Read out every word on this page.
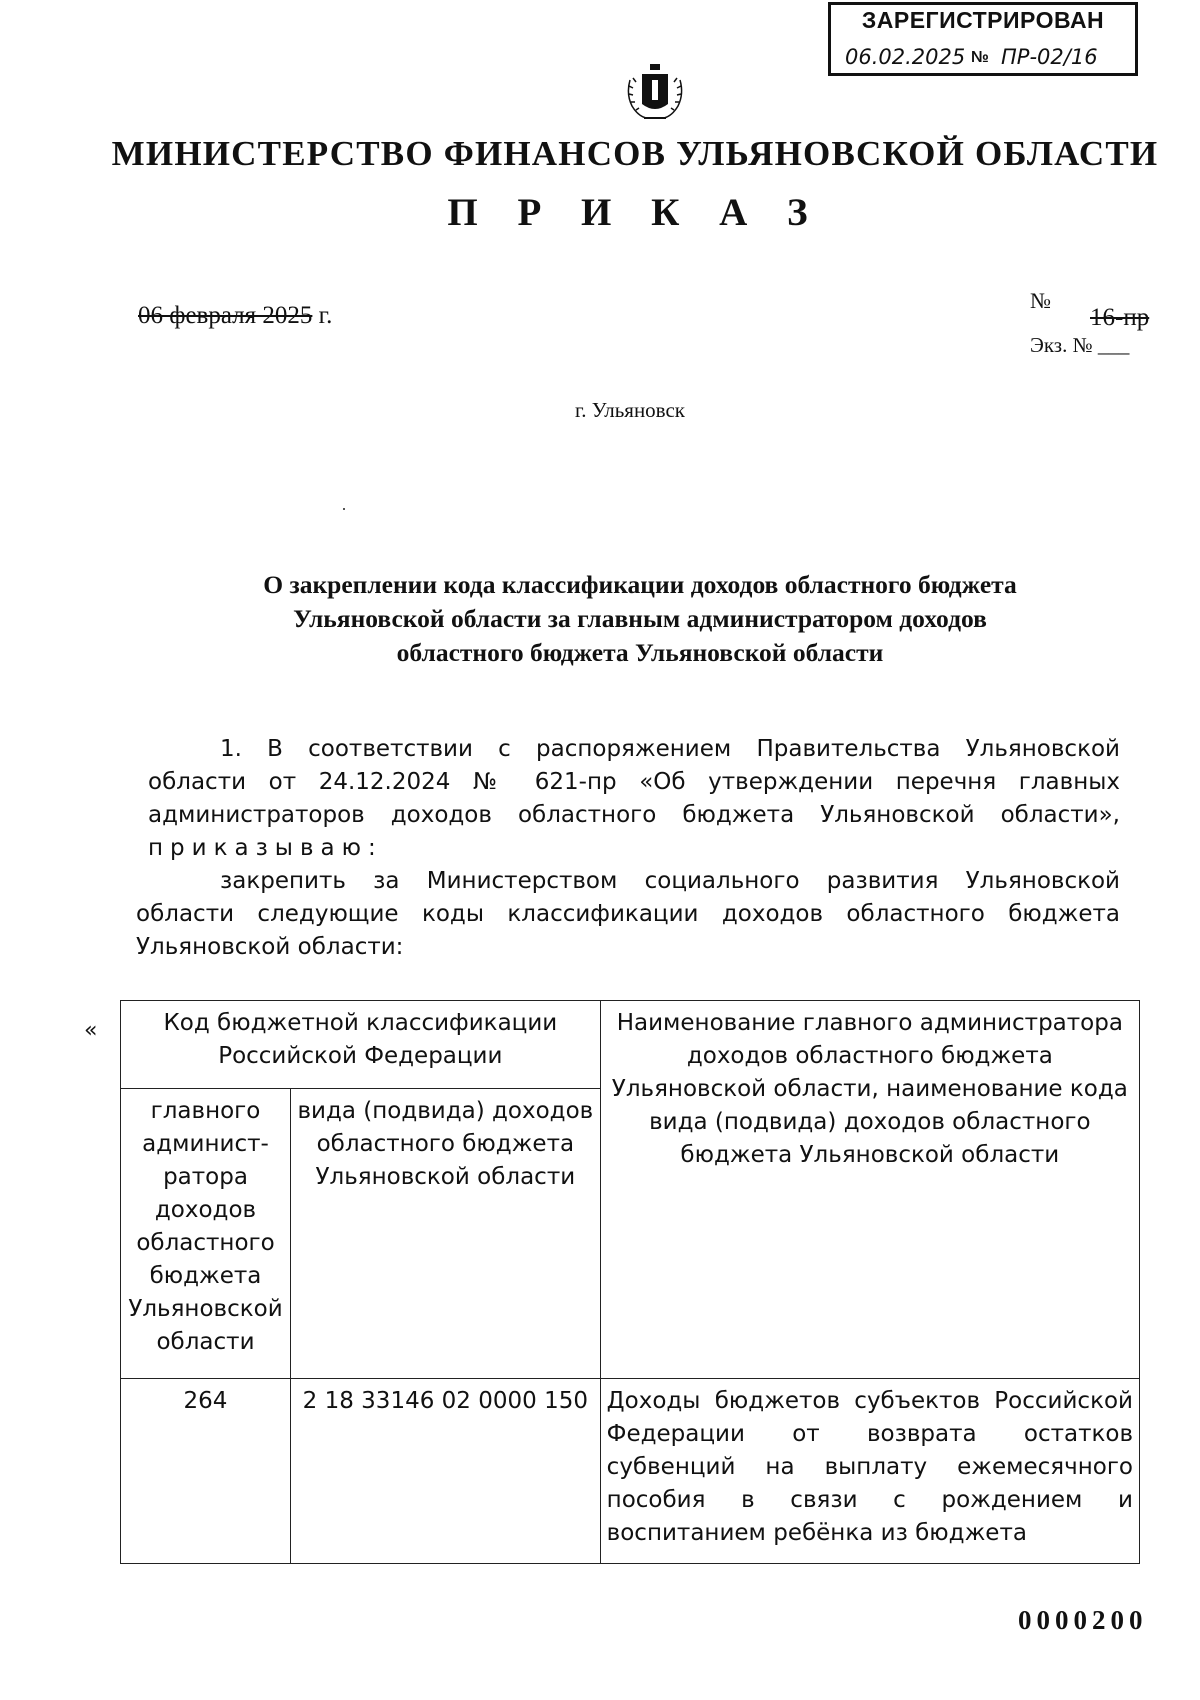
ЗАРЕГИСТРИРОВАН
06.02.2025 № ПР-02/16
МИНИСТЕРСТВО ФИНАНСОВ УЛЬЯНОВСКОЙ ОБЛАСТИ
П Р И К А З
06 февраля 2025 г.
№
16-пр
Экз. № ___
г. Ульяновск
О закреплении кода классификации доходов областного бюджета
Ульяновской области за главным администратором доходов
областного бюджета Ульяновской области
1. В соответствии с распоряжением Правительства Ульяновской
области от 24.12.2024 № 621-пр «Об утверждении перечня главных
администраторов доходов областного бюджета Ульяновской области»,
приказываю:
закрепить за Министерством социального развития Ульяновской
области следующие коды классификации доходов областного бюджета
Ульяновской области:
«	Код бюджетной классификации Российской Федерации		Наименование главного администратора доходов областного бюджета Ульяновской области, наименование кода вида (подвида) доходов областного бюджета Ульяновской области
главного админист-ратора доходов областного бюджета Ульяновской области	вида (подвида) доходов областного бюджета Ульяновской области	
264	2 18 33146 02 0000 150	Доходы бюджетов субъектов Российской Федерации от возврата остатков субвенций на выплату ежемесячного пособия в связи с рождением и воспитанием ребёнка из бюджета
0000200
